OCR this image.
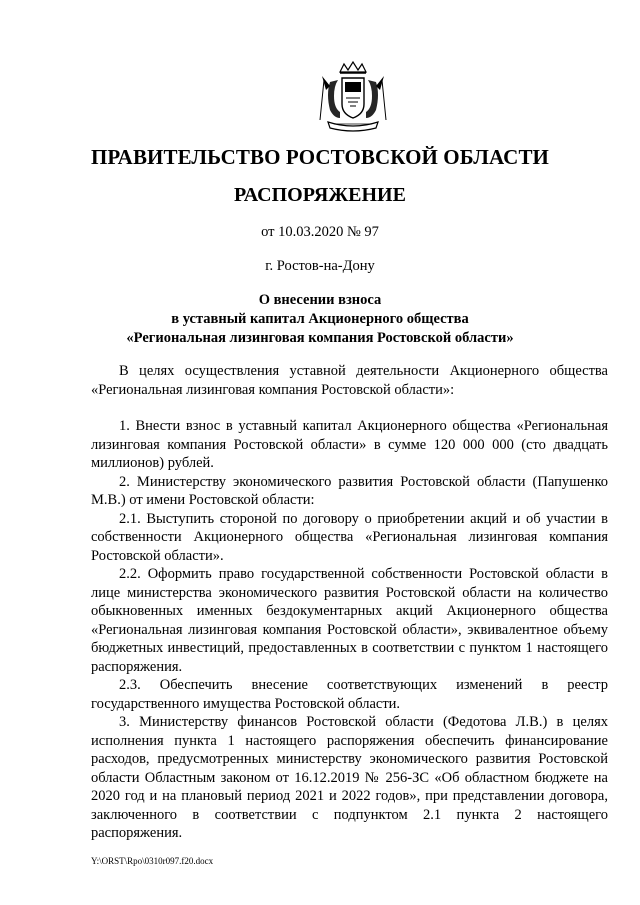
ПРАВИТЕЛЬСТВО РОСТОВСКОЙ ОБЛАСТИ
РАСПОРЯЖЕНИЕ
от 10.03.2020 № 97
г. Ростов-на-Дону
О внесении взноса
в уставный капитал Акционерного общества
«Региональная лизинговая компания Ростовской области»

В целях осуществления уставной деятельности Акционерного общества «Региональная лизинговая компания Ростовской области»:

1. Внести взнос в уставный капитал Акционерного общества «Региональная лизинговая компания Ростовской области» в сумме 120 000 000 (сто двадцать миллионов) рублей.

2. Министерству экономического развития Ростовской области (Папушенко М.В.) от имени Ростовской области:

2.1. Выступить стороной по договору о приобретении акций и об участии в собственности Акционерного общества «Региональная лизинговая компания Ростовской области».

2.2. Оформить право государственной собственности Ростовской области в лице министерства экономического развития Ростовской области на количество обыкновенных именных бездокументарных акций Акционерного общества «Региональная лизинговая компания Ростовской области», эквивалентное объему бюджетных инвестиций, предоставленных в соответствии с пунктом 1 настоящего распоряжения.

2.3. Обеспечить внесение соответствующих изменений в реестр государственного имущества Ростовской области.

3. Министерству финансов Ростовской области (Федотова Л.В.) в целях исполнения пункта 1 настоящего распоряжения обеспечить финансирование расходов, предусмотренных министерству экономического развития Ростовской области Областным законом от 16.12.2019 № 256-ЗС «Об областном бюджете на 2020 год и на плановый период 2021 и 2022 годов», при представлении договора, заключенного в соответствии с подпунктом 2.1 пункта 2 настоящего распоряжения.

Y:\ORST\Rpo\0310r097.f20.docx
